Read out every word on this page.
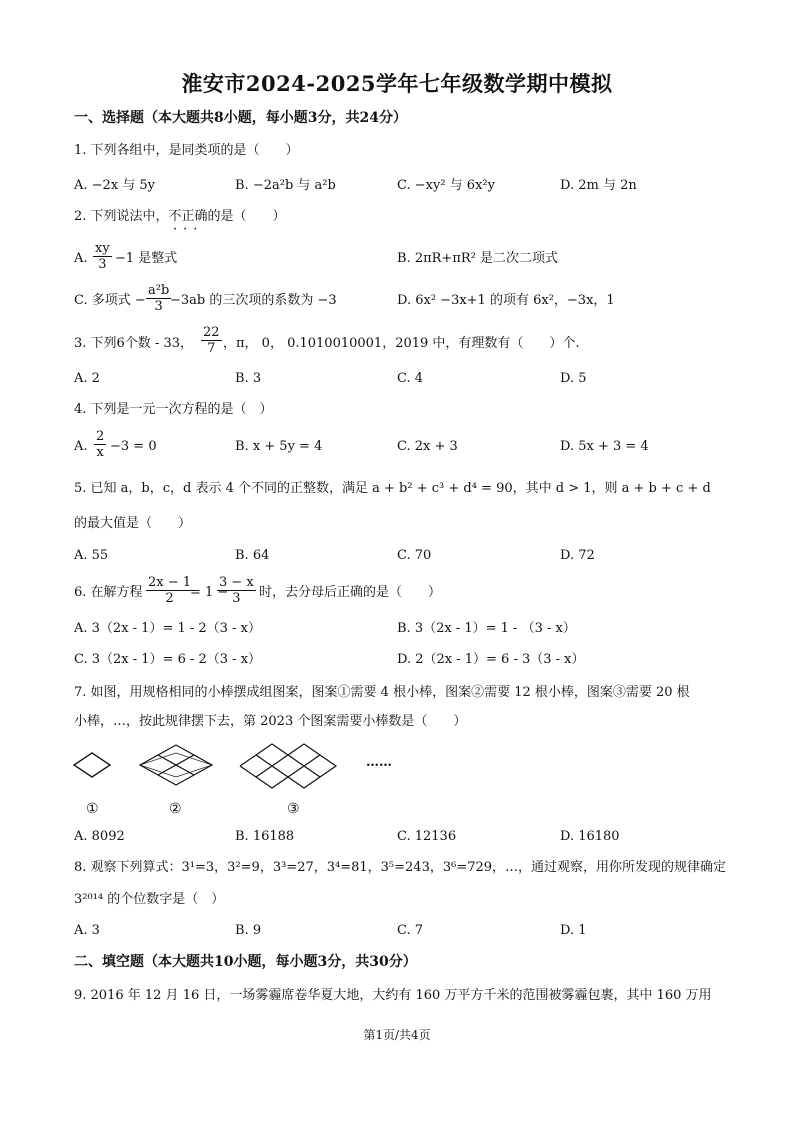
淮安市2024-2025学年七年级数学期中模拟
一、选择题（本大题共8小题，每小题3分，共24分）
1. 下列各组中，是同类项的是（　　）
A. −2x 与 5y	B. −2a²b 与 a²b	C. −xy² 与 6x²y	D. 2m 与 2n
2. 下列说法中，不正确的是（　　）
···
A. $\frac{xy}{3} -1$ 是整式	B. 2πR+πR² 是二次二项式
C. 多项式 − $\frac{\text{a²b}}{3}$
−3ab 的三次项的系数为 −3	D. 6x² −3x+1 的项有 6x²，−3x，1
3. 下列6个数 - 33， $\frac{22}{7}$ ，π， 0， 0.1010010001，2019 中，有理数有（　　）个.
A. 2	B. 3	C. 4	D. 5
4. 下列是一元一次方程的是（　）
A. $\frac{2}{x} -3 = 0$	B. x + 5y = 4	C. 2x + 3	D. 5x + 3 = 4
5. 已知 a，b，c，d 表示 4 个不同的正整数，满足 a + b² + c³ + d⁴ = 90，其中 d > 1，则 a + b + c + d
的最大值是（　　）
A. 55	B. 64	C. 70	D. 72
6. 在解方程 $\frac{2x - 1}{2}$
= 1 −
$\frac{3 - x}{3}$ 时，去分母后正确的是（　　）
A. 3（2x - 1）= 1 - 2（3 - x）	B. 3（2x - 1）= 1 - （3 - x）
C. 3（2x - 1）= 6 - 2（3 - x）	D. 2（2x - 1）= 6 - 3（3 - x）
7. 如图，用规格相同的小棒摆成组图案，图案①需要 4 根小棒，图案②需要 12 根小棒，图案③需要 20 根
小棒，…，按此规律摆下去，第 2023 个图案需要小棒数是（　　）
……
①	②	③
A. 8092	B. 16188	C. 12136	D. 16180
8. 观察下列算式：3¹=3，3²=9，3³=27，3⁴=81，3⁵=243，3⁶=729，…，通过观察，用你所发现的规律确定
3²⁰¹⁴ 的个位数字是（　）
A. 3	B. 9	C. 7	D. 1
二、填空题（本大题共10小题，每小题3分，共30分）
9. 2016 年 12 月 16 日，一场雾霾席卷华夏大地，大约有 160 万平方千米的范围被雾霾包裹，其中 160 万用
第1页/共4页
